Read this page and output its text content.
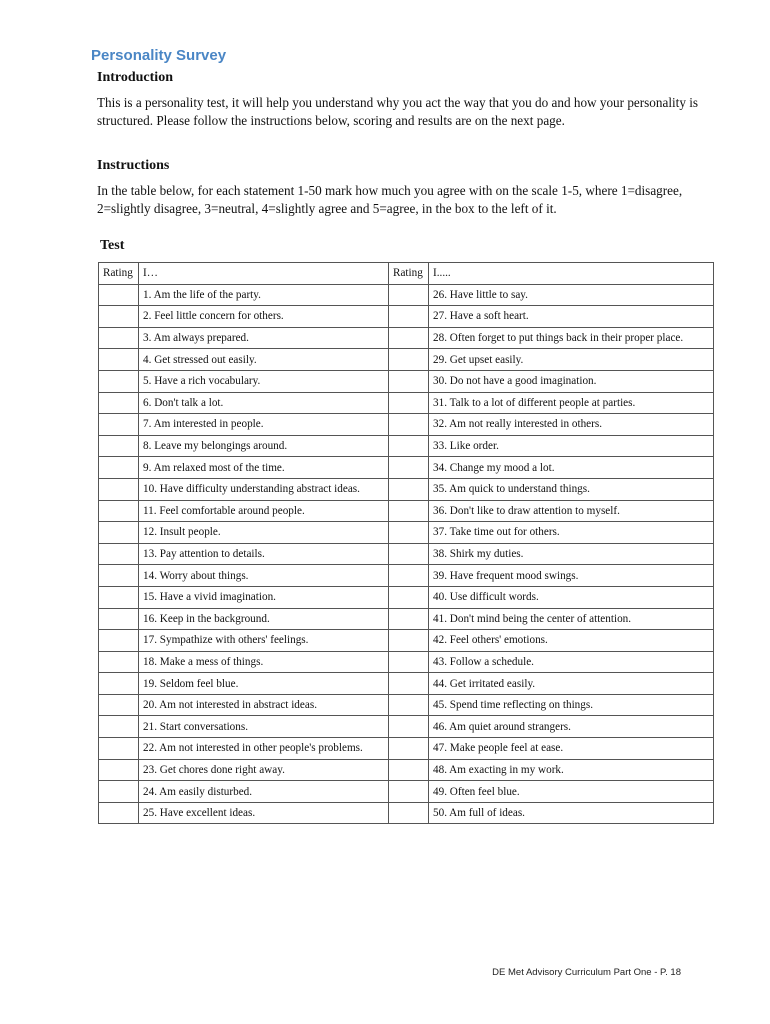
Personality Survey
Introduction

This is a personality test, it will help you understand why you act the way that you do and how your personality is structured. Please follow the instructions below, scoring and results are on the next page.

Instructions

In the table below, for each statement 1-50 mark how much you agree with on the scale 1-5, where 1=disagree, 2=slightly disagree, 3=neutral, 4=slightly agree and 5=agree, in the box to the left of it.

Test
Rating	I…	Rating	I.....
	1. Am the life of the party.		26. Have little to say.
	2. Feel little concern for others.		27. Have a soft heart.
	3. Am always prepared.		28. Often forget to put things back in their proper place.
	4. Get stressed out easily.		29. Get upset easily.
	5. Have a rich vocabulary.		30. Do not have a good imagination.
	6. Don't talk a lot.		31. Talk to a lot of different people at parties.
	7. Am interested in people.		32. Am not really interested in others.
	8. Leave my belongings around.		33. Like order.
	9. Am relaxed most of the time.		34. Change my mood a lot.
	10. Have difficulty understanding abstract ideas.		35. Am quick to understand things.
	11. Feel comfortable around people.		36. Don't like to draw attention to myself.
	12. Insult people.		37. Take time out for others.
	13. Pay attention to details.		38. Shirk my duties.
	14. Worry about things.		39. Have frequent mood swings.
	15. Have a vivid imagination.		40. Use difficult words.
	16. Keep in the background.		41. Don't mind being the center of attention.
	17. Sympathize with others' feelings.		42. Feel others' emotions.
	18. Make a mess of things.		43. Follow a schedule.
	19. Seldom feel blue.		44. Get irritated easily.
	20. Am not interested in abstract ideas.		45. Spend time reflecting on things.
	21. Start conversations.		46. Am quiet around strangers.
	22. Am not interested in other people's problems.		47. Make people feel at ease.
	23. Get chores done right away.		48. Am exacting in my work.
	24. Am easily disturbed.		49. Often feel blue.
	25. Have excellent ideas.		50. Am full of ideas.

DE Met Advisory Curriculum Part One - P. 18
